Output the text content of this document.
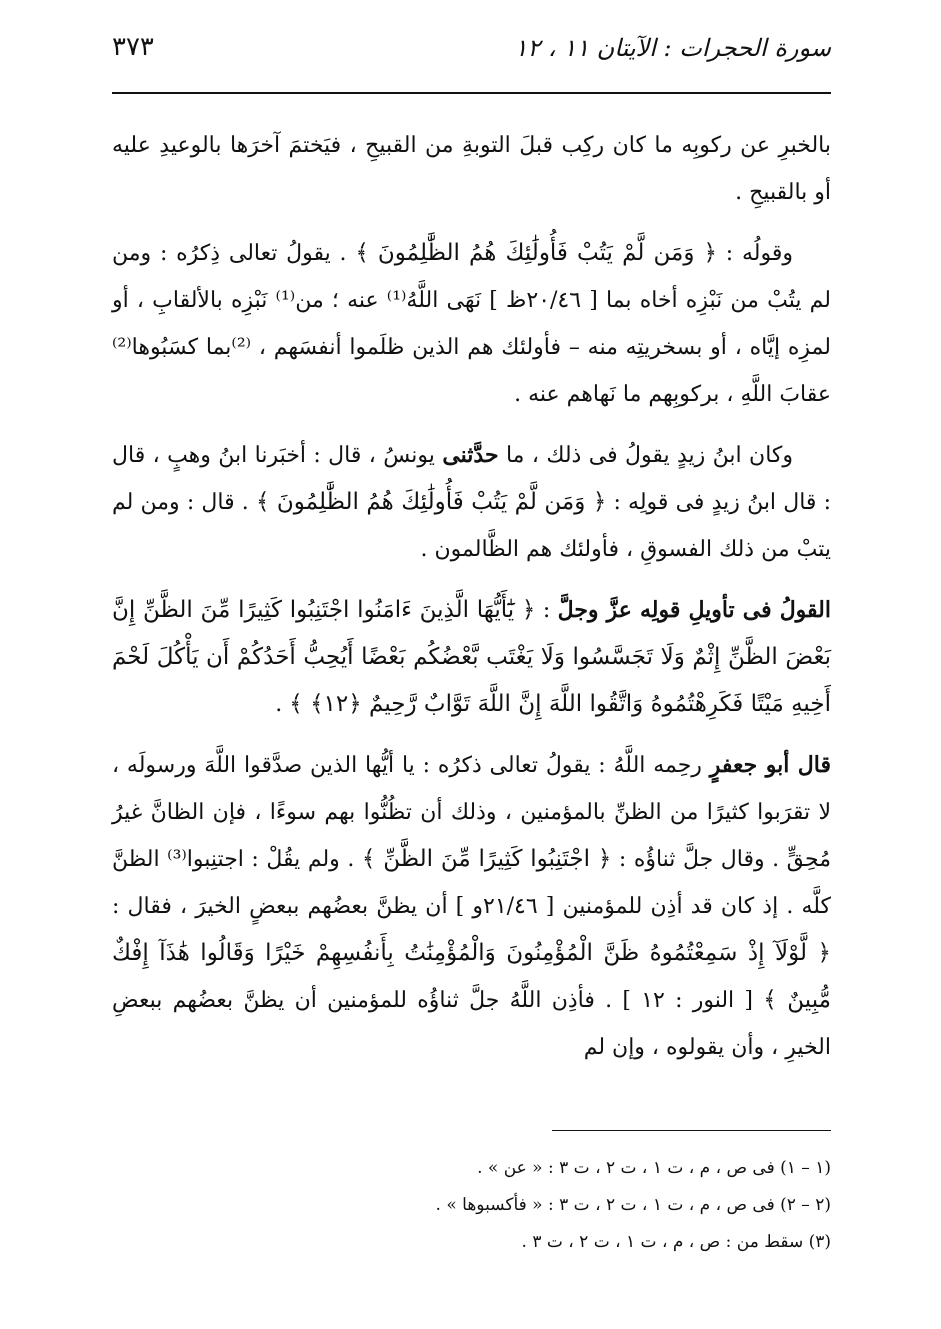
سورة الحجرات : الآيتان ١١ ، ١٢
٣٧٣

بالخبرِ عن ركوبِه ما كان ركِب قبلَ التوبةِ من القبيحِ ، فيَختمَ آخرَها بالوعيدِ عليه أو بالقبيحِ .

وقولُه : ﴿ وَمَن لَّمْ يَتُبْ فَأُولَٰئِكَ هُمُ الظَّٰلِمُونَ ﴾ . يقولُ تعالى ذِكرُه : ومن لم يتُبْ من نَبْزِه أخاه بما [ ٢٠/٤٦ظ ] نَهَى اللَّهُ⁽¹⁾ عنه ؛ من⁽¹⁾ نَبْزِه بالألقابِ ، أو لمزِه إيَّاه ، أو بسخريتِه منه – فأولئك هم الذين ظلَموا أنفسَهم ، ⁽²⁾بما كسَبُوها⁽²⁾ عقابَ اللَّهِ ، بركوبِهم ما نَهاهم عنه .

وكان ابنُ زيدٍ يقولُ فى ذلك ، ما حدَّثنى يونسُ ، قال : أخبَرنا ابنُ وهبٍ ، قال : قال ابنُ زيدٍ فى قولِه : ﴿ وَمَن لَّمْ يَتُبْ فَأُولَٰئِكَ هُمُ الظَّٰلِمُونَ ﴾ . قال : ومن لم يتبْ من ذلك الفسوقِ ، فأولئك هم الظَّالمون .

القولُ فى تأويلِ قولِه عزَّ وجلَّ : ﴿ يَٰٓأَيُّهَا الَّذِينَ ءَامَنُوا اجْتَنِبُوا كَثِيرًا مِّنَ الظَّنِّ إِنَّ بَعْضَ الظَّنِّ إِثْمٌ وَلَا تَجَسَّسُوا وَلَا يَغْتَب بَّعْضُكُم بَعْضًا أَيُحِبُّ أَحَدُكُمْ أَن يَأْكُلَ لَحْمَ أَخِيهِ مَيْتًا فَكَرِهْتُمُوهُ وَاتَّقُوا اللَّهَ إِنَّ اللَّهَ تَوَّابٌ رَّحِيمٌ ﴿١٢﴾ ﴾ .

قال أبو جعفرٍ رحِمه اللَّهُ : يقولُ تعالى ذكرُه : يا أيُّها الذين صدَّقوا اللَّهَ ورسولَه ، لا تقرَبوا كثيرًا من الظنِّ بالمؤمنين ، وذلك أن تظُنُّوا بهم سوءًا ، فإن الظانَّ غيرُ مُحِقٍّ . وقال جلَّ ثناؤُه : ﴿ اجْتَنِبُوا كَثِيرًا مِّنَ الظَّنِّ ﴾ . ولم يقُلْ : اجتنِبوا⁽³⁾ الظنَّ كلَّه . إذ كان قد أذِن للمؤمنين [ ٢١/٤٦و ] أن يظنَّ بعضُهم ببعضٍ الخيرَ ، فقال : ﴿ لَّوْلَآ إِذْ سَمِعْتُمُوهُ ظَنَّ الْمُؤْمِنُونَ وَالْمُؤْمِنَٰتُ بِأَنفُسِهِمْ خَيْرًا وَقَالُوا هَٰذَآ إِفْكٌ مُّبِينٌ ﴾ [ النور : ١٢ ] . فأذِن اللَّهُ جلَّ ثناؤُه للمؤمنين أن يظنَّ بعضُهم ببعضِ الخيرِ ، وأن يقولوه ، وإن لم

(١ – ١) فى ص ، م ، ت ١ ، ت ٢ ، ت ٣ : « عن » .

(٢ – ٢) فى ص ، م ، ت ١ ، ت ٢ ، ت ٣ : « فأكسبوها » .

(٣) سقط من : ص ، م ، ت ١ ، ت ٢ ، ت ٣ .
